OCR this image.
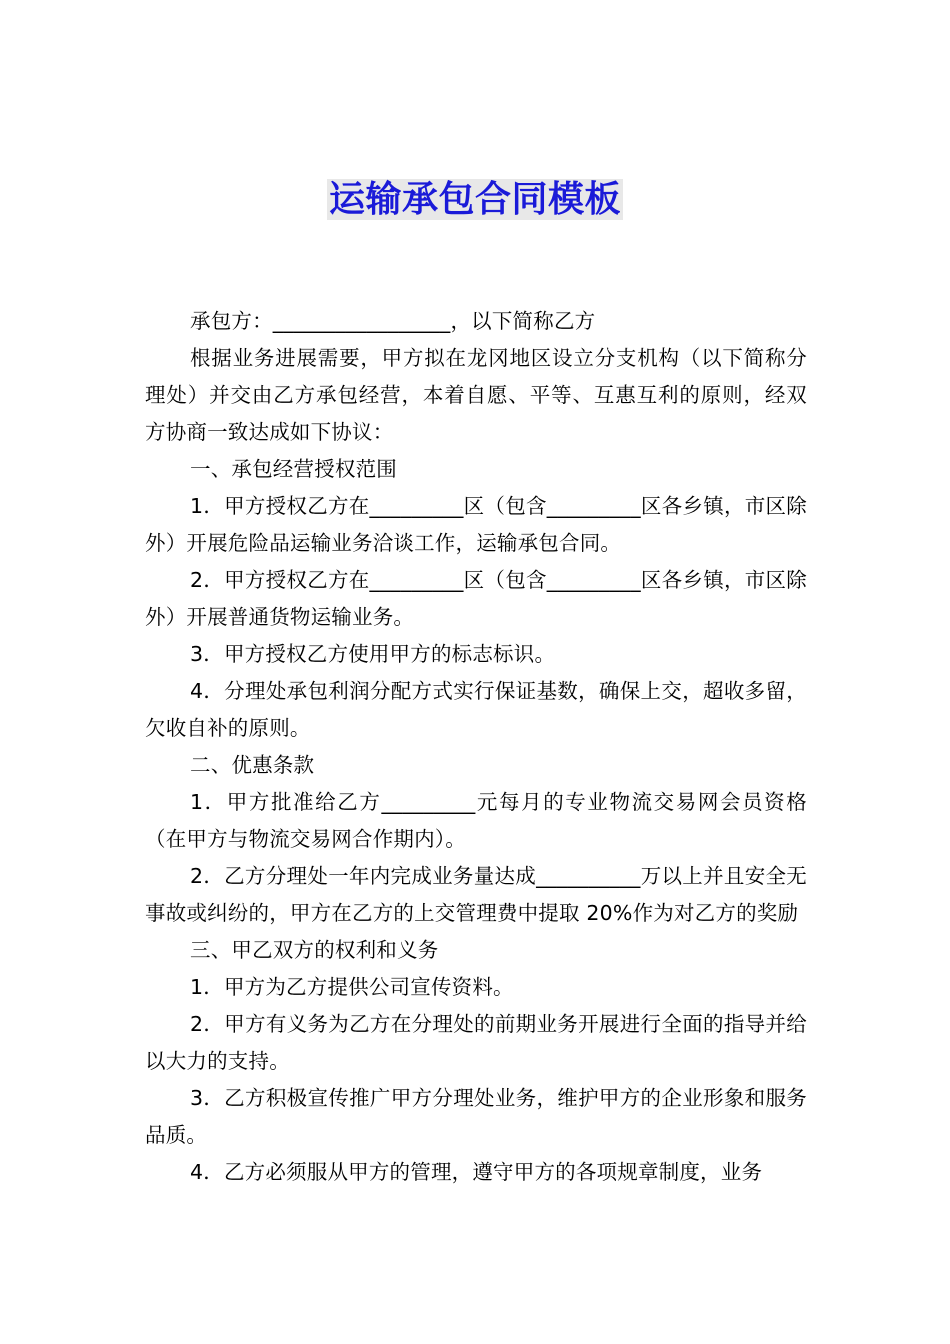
运输承包合同模板

承包方：_________________，以下简称乙方

根据业务进展需要，甲方拟在龙冈地区设立分支机构（以下简称分理处）并交由乙方承包经营，本着自愿、平等、互惠互利的原则，经双方协商一致达成如下协议：

一、承包经营授权范围

1．甲方授权乙方在_________区（包含_________区各乡镇，市区除外）开展危险品运输业务洽谈工作，运输承包合同。

2．甲方授权乙方在_________区（包含_________区各乡镇，市区除外）开展普通货物运输业务。

3．甲方授权乙方使用甲方的标志标识。

4．分理处承包利润分配方式实行保证基数，确保上交，超收多留，欠收自补的原则。

二、优惠条款

1．甲方批准给乙方_________元每月的专业物流交易网会员资格（在甲方与物流交易网合作期内）。

2．乙方分理处一年内完成业务量达成__________万以上并且安全无事故或纠纷的，甲方在乙方的上交管理费中提取 20%作为对乙方的奖励

三、甲乙双方的权利和义务

1．甲方为乙方提供公司宣传资料。

2．甲方有义务为乙方在分理处的前期业务开展进行全面的指导并给以大力的支持。

3．乙方积极宣传推广甲方分理处业务，维护甲方的企业形象和服务品质。

4．乙方必须服从甲方的管理，遵守甲方的各项规章制度，业务
